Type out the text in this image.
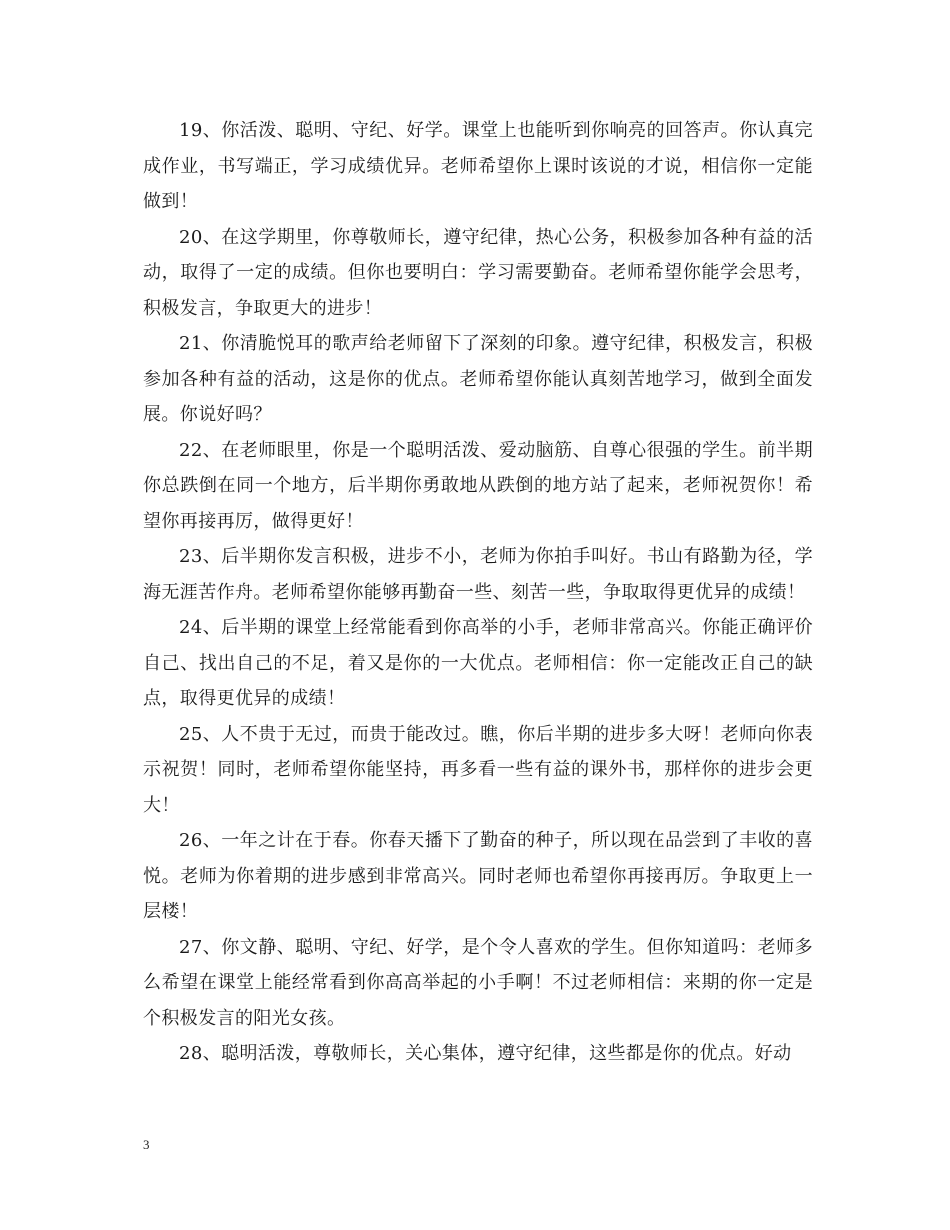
19、你活泼、聪明、守纪、好学。课堂上也能听到你响亮的回答声。你认真完成作业，书写端正，学习成绩优异。老师希望你上课时该说的才说，相信你一定能做到！

20、在这学期里，你尊敬师长，遵守纪律，热心公务，积极参加各种有益的活动，取得了一定的成绩。但你也要明白：学习需要勤奋。老师希望你能学会思考，积极发言，争取更大的进步！

21、你清脆悦耳的歌声给老师留下了深刻的印象。遵守纪律，积极发言，积极参加各种有益的活动，这是你的优点。老师希望你能认真刻苦地学习，做到全面发展。你说好吗？

22、在老师眼里，你是一个聪明活泼、爱动脑筋、自尊心很强的学生。前半期你总跌倒在同一个地方，后半期你勇敢地从跌倒的地方站了起来，老师祝贺你！希望你再接再厉，做得更好！

23、后半期你发言积极，进步不小，老师为你拍手叫好。书山有路勤为径，学海无涯苦作舟。老师希望你能够再勤奋一些、刻苦一些，争取取得更优异的成绩！

24、后半期的课堂上经常能看到你高举的小手，老师非常高兴。你能正确评价自己、找出自己的不足，着又是你的一大优点。老师相信：你一定能改正自己的缺点，取得更优异的成绩！

25、人不贵于无过，而贵于能改过。瞧，你后半期的进步多大呀！老师向你表示祝贺！同时，老师希望你能坚持，再多看一些有益的课外书，那样你的进步会更大！

26、一年之计在于春。你春天播下了勤奋的种子，所以现在品尝到了丰收的喜悦。老师为你着期的进步感到非常高兴。同时老师也希望你再接再厉。争取更上一层楼！

27、你文静、聪明、守纪、好学，是个令人喜欢的学生。但你知道吗：老师多么希望在课堂上能经常看到你高高举起的小手啊！不过老师相信：来期的你一定是个积极发言的阳光女孩。

28、聪明活泼，尊敬师长，关心集体，遵守纪律，这些都是你的优点。好动

3
